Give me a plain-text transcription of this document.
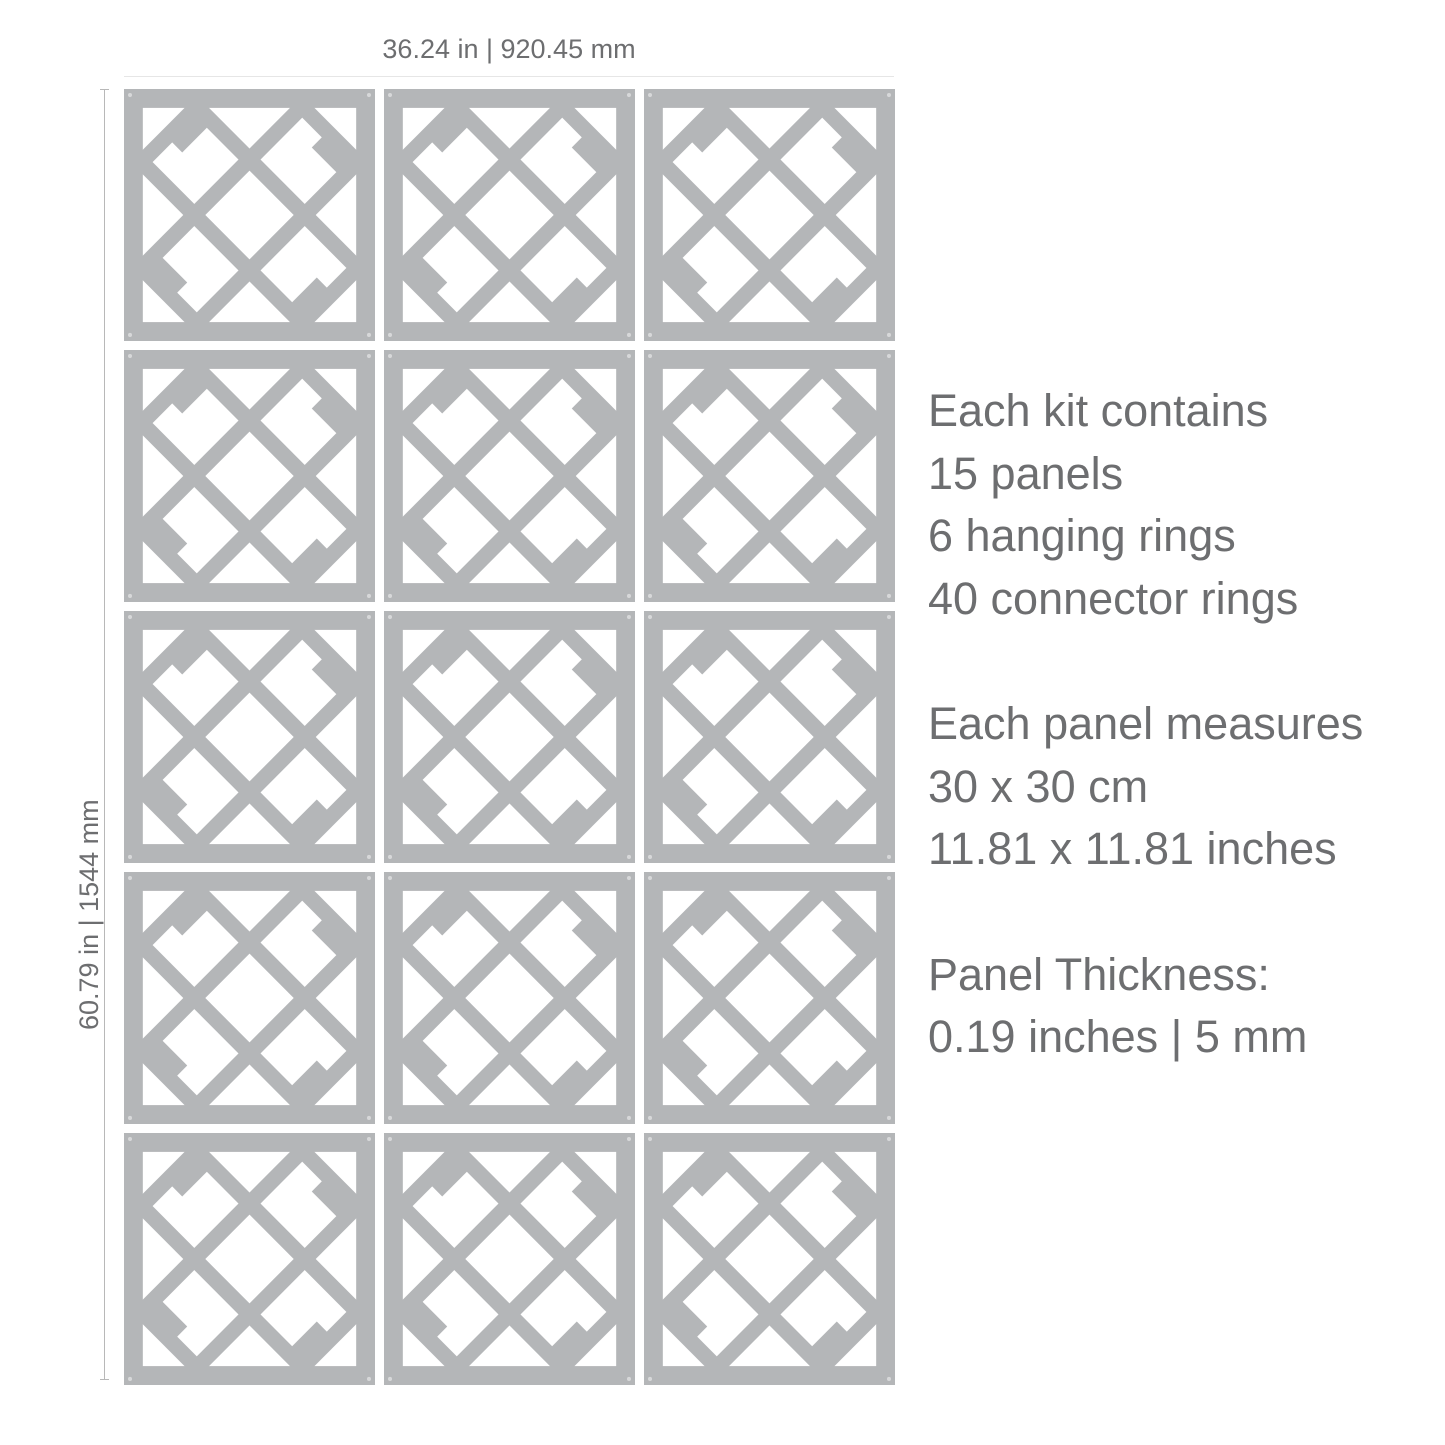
36.24 in | 920.45 mm
60.79 in | 1544 mm
Each kit contains
15 panels
6 hanging rings
40 connector rings
Each panel measures
30 x 30 cm
11.81 x 11.81 inches
Panel Thickness:
0.19 inches | 5 mm
